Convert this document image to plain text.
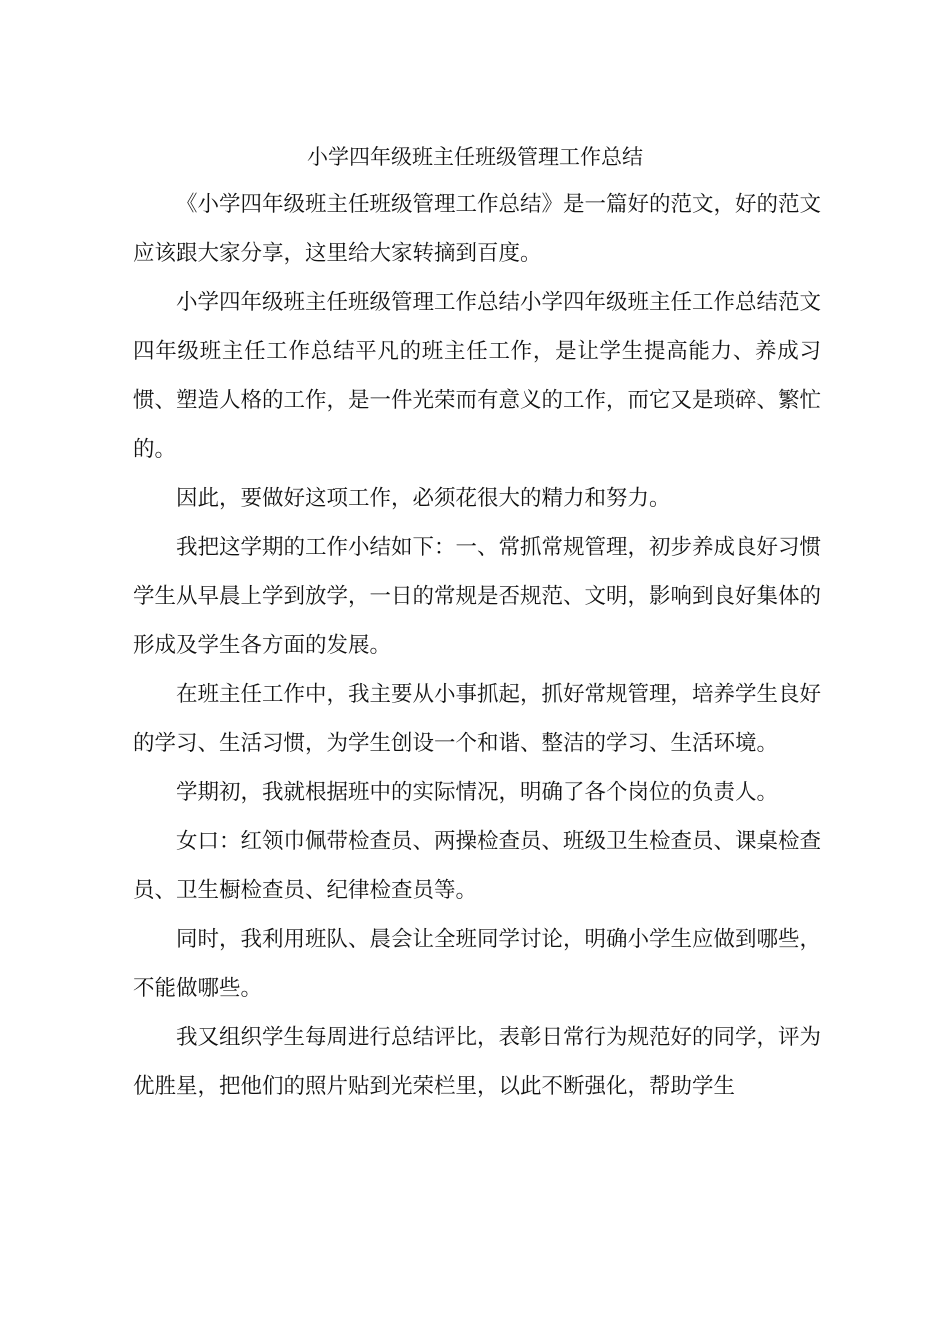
小学四年级班主任班级管理工作总结

《小学四年级班主任班级管理工作总结》是一篇好的范文，好的范文应该跟大家分享，这里给大家转摘到百度。

小学四年级班主任班级管理工作总结小学四年级班主任工作总结范文四年级班主任工作总结平凡的班主任工作，是让学生提高能力、养成习惯、塑造人格的工作，是一件光荣而有意义的工作，而它又是琐碎、繁忙的。

因此，要做好这项工作，必须花很大的精力和努力。

我把这学期的工作小结如下：一、常抓常规管理，初步养成良好习惯学生从早晨上学到放学，一日的常规是否规范、文明，影响到良好集体的形成及学生各方面的发展。

在班主任工作中，我主要从小事抓起，抓好常规管理，培养学生良好的学习、生活习惯，为学生创设一个和谐、整洁的学习、生活环境。

学期初，我就根据班中的实际情况，明确了各个岗位的负责人。

女口：红领巾佩带检查员、两操检查员、班级卫生检查员、课桌检查员、卫生橱检查员、纪律检查员等。

同时，我利用班队、晨会让全班同学讨论，明确小学生应做到哪些，不能做哪些。

我又组织学生每周进行总结评比，表彰日常行为规范好的同学，评为优胜星，把他们的照片贴到光荣栏里，以此不断强化，帮助学生
